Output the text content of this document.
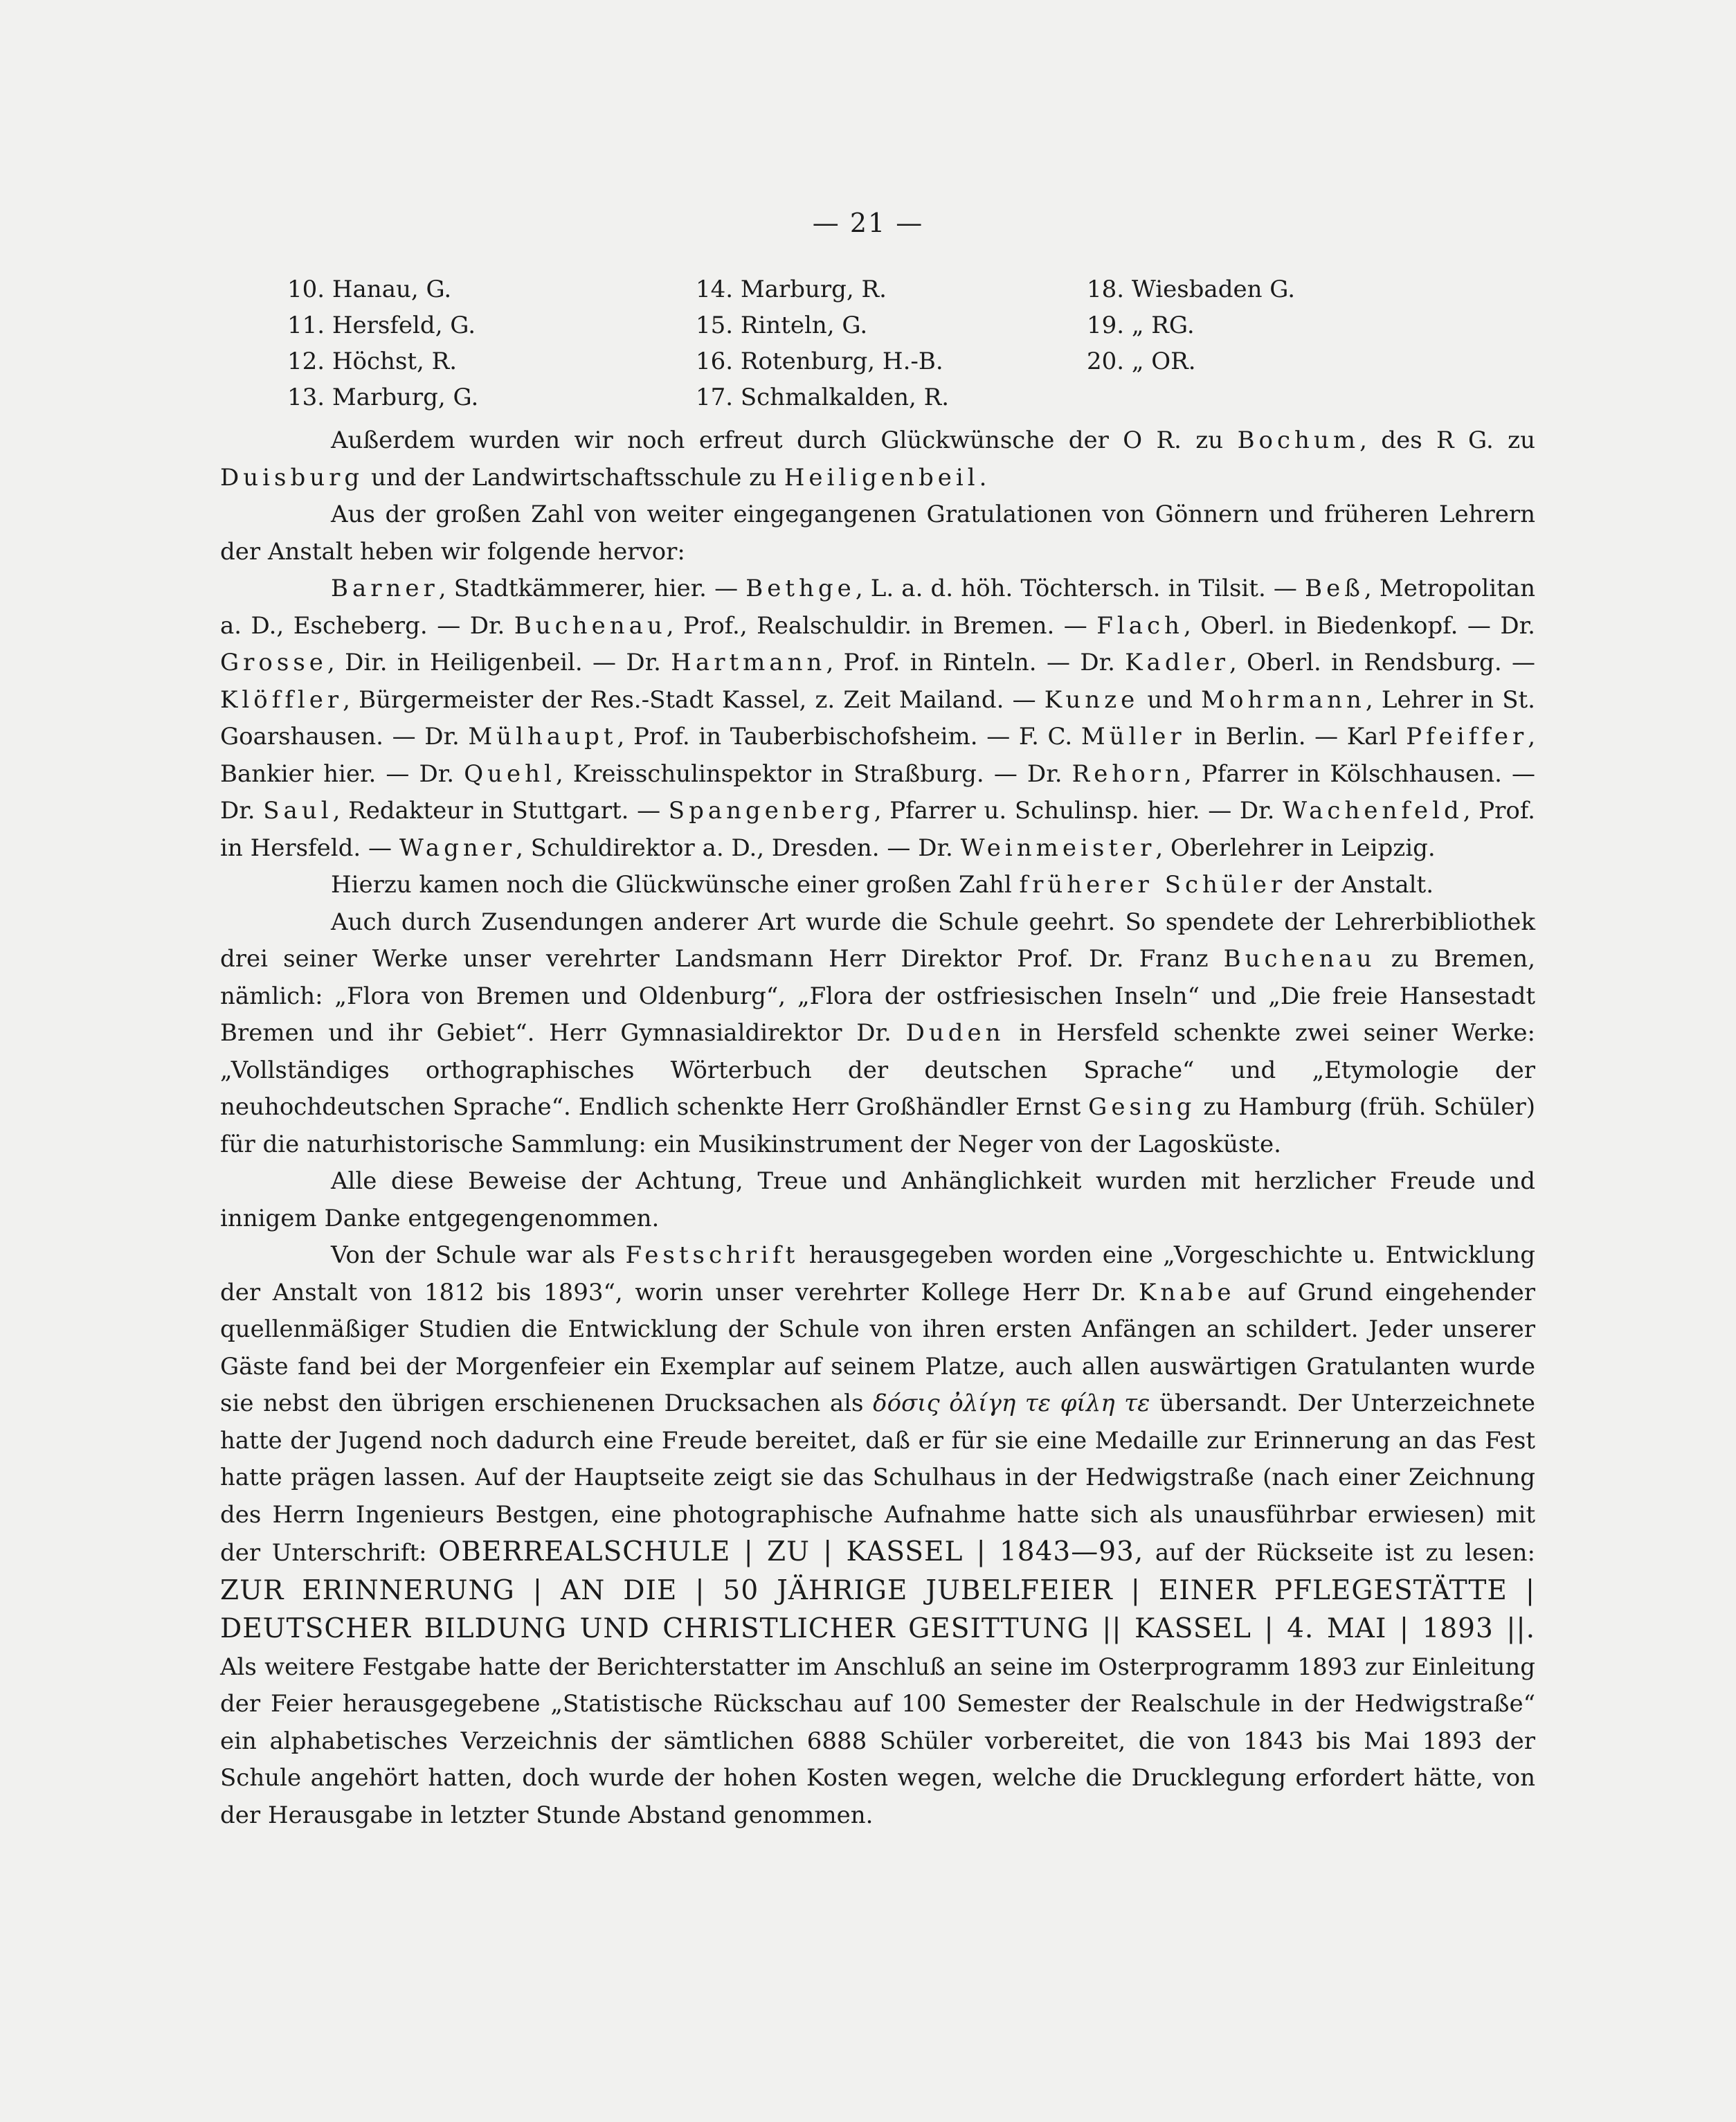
— 21 —
10. Hanau, G.
11. Hersfeld, G.
12. Höchst, R.
13. Marburg, G.
14. Marburg, R.
15. Rinteln, G.
16. Rotenburg, H.-B.
17. Schmalkalden, R.
18. Wiesbaden G.
19. „ RG.
20. „ OR.

Außerdem wurden wir noch erfreut durch Glückwünsche der O R. zu Bochum, des R G. zu Duisburg und der Landwirtschaftsschule zu Heiligenbeil.

Aus der großen Zahl von weiter eingegangenen Gratulationen von Gönnern und früheren Lehrern der Anstalt heben wir folgende hervor:

Barner, Stadtkämmerer, hier. — Bethge, L. a. d. höh. Töchtersch. in Tilsit. — Beß, Metropolitan a. D., Escheberg. — Dr. Buchenau, Prof., Realschuldir. in Bremen. — Flach, Oberl. in Biedenkopf. — Dr. Grosse, Dir. in Heiligenbeil. — Dr. Hartmann, Prof. in Rinteln. — Dr. Kadler, Oberl. in Rendsburg. — Klöffler, Bürgermeister der Res.-Stadt Kassel, z. Zeit Mailand. — Kunze und Mohrmann, Lehrer in St. Goarshausen. — Dr. Mülhaupt, Prof. in Tauberbischofsheim. — F. C. Müller in Berlin. — Karl Pfeiffer, Bankier hier. — Dr. Quehl, Kreisschulinspektor in Straßburg. — Dr. Rehorn, Pfarrer in Kölschhausen. — Dr. Saul, Redakteur in Stuttgart. — Spangenberg, Pfarrer u. Schulinsp. hier. — Dr. Wachenfeld, Prof. in Hersfeld. — Wagner, Schuldirektor a. D., Dresden. — Dr. Weinmeister, Oberlehrer in Leipzig.

Hierzu kamen noch die Glückwünsche einer großen Zahl früherer Schüler der Anstalt.

Auch durch Zusendungen anderer Art wurde die Schule geehrt. So spendete der Lehrerbibliothek drei seiner Werke unser verehrter Landsmann Herr Direktor Prof. Dr. Franz Buchenau zu Bremen, nämlich: „Flora von Bremen und Oldenburg“, „Flora der ostfriesischen Inseln“ und „Die freie Hansestadt Bremen und ihr Gebiet“. Herr Gymnasialdirektor Dr. Duden in Hersfeld schenkte zwei seiner Werke: „Vollständiges orthographisches Wörterbuch der deutschen Sprache“ und „Etymologie der neuhochdeutschen Sprache“. Endlich schenkte Herr Großhändler Ernst Gesing zu Hamburg (früh. Schüler) für die naturhistorische Sammlung: ein Musikinstrument der Neger von der Lagosküste.

Alle diese Beweise der Achtung, Treue und Anhänglichkeit wurden mit herzlicher Freude und innigem Danke entgegengenommen.

Von der Schule war als Festschrift herausgegeben worden eine „Vorgeschichte u. Entwicklung der Anstalt von 1812 bis 1893“, worin unser verehrter Kollege Herr Dr. Knabe auf Grund eingehender quellenmäßiger Studien die Entwicklung der Schule von ihren ersten Anfängen an schildert. Jeder unserer Gäste fand bei der Morgenfeier ein Exemplar auf seinem Platze, auch allen auswärtigen Gratulanten wurde sie nebst den übrigen erschienenen Drucksachen als δόσις ὀλίγη τε φίλη τε übersandt. Der Unterzeichnete hatte der Jugend noch dadurch eine Freude bereitet, daß er für sie eine Medaille zur Erinnerung an das Fest hatte prägen lassen. Auf der Hauptseite zeigt sie das Schulhaus in der Hedwigstraße (nach einer Zeichnung des Herrn Ingenieurs Bestgen, eine photographische Aufnahme hatte sich als unausführbar erwiesen) mit der Unterschrift: OBERREALSCHULE | ZU | KASSEL | 1843—93, auf der Rückseite ist zu lesen: ZUR ERINNERUNG | AN DIE | 50 JÄHRIGE JUBELFEIER | EINER PFLEGESTÄTTE | DEUTSCHER BILDUNG UND CHRISTLICHER GESITTUNG || KASSEL | 4. MAI | 1893 ||. Als weitere Festgabe hatte der Berichterstatter im Anschluß an seine im Osterprogramm 1893 zur Einleitung der Feier herausgegebene „Statistische Rückschau auf 100 Semester der Realschule in der Hedwigstraße“ ein alphabetisches Verzeichnis der sämtlichen 6888 Schüler vorbereitet, die von 1843 bis Mai 1893 der Schule angehört hatten, doch wurde der hohen Kosten wegen, welche die Drucklegung erfordert hätte, von der Herausgabe in letzter Stunde Abstand genommen.
